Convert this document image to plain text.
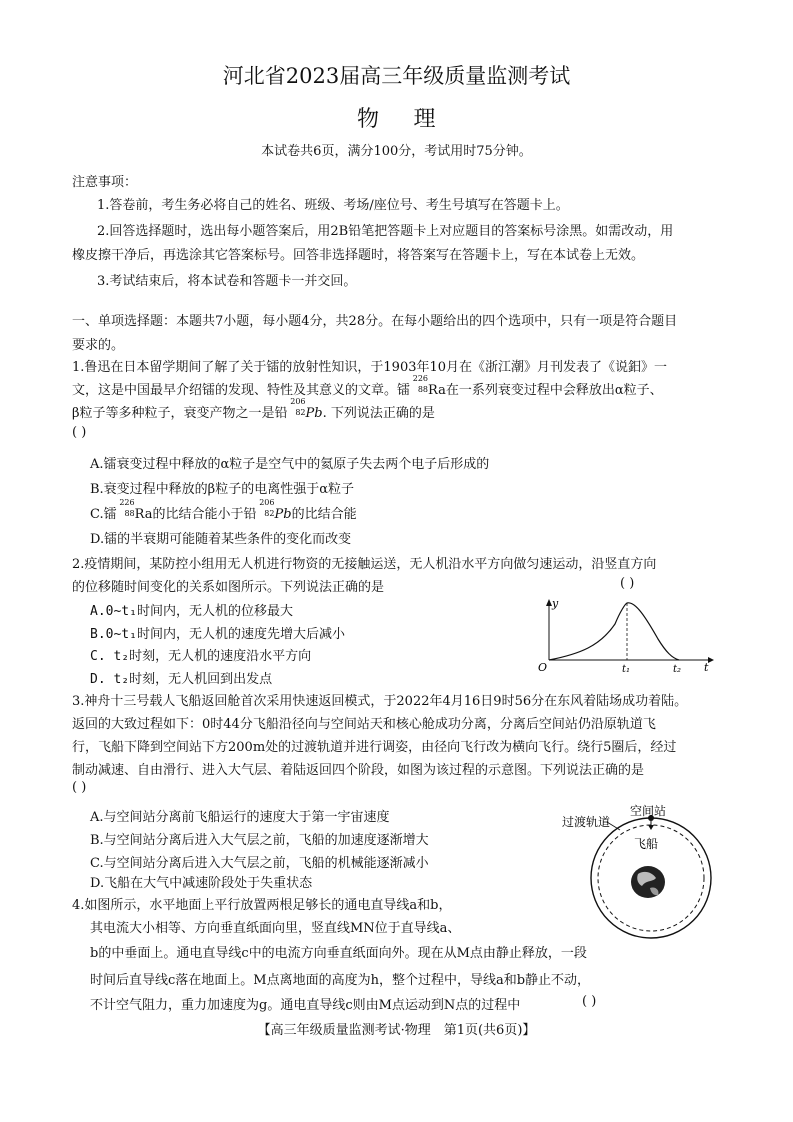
河北省2023届高三年级质量监测考试
物 理
本试卷共6页，满分100分，考试用时75分钟。
注意事项：
1.答卷前，考生务必将自己的姓名、班级、考场/座位号、考生号填写在答题卡上。
2.回答选择题时，选出每小题答案后，用2B铅笔把答题卡上对应题目的答案标号涂黑。如需改动，用
橡皮擦干净后，再选涂其它答案标号。回答非选择题时，将答案写在答题卡上，写在本试卷上无效。
3.考试结束后，将本试卷和答题卡一并交回。
一、单项选择题：本题共7小题，每小题4分，共28分。在每小题给出的四个选项中，只有一项是符合题目
要求的。
1.鲁迅在日本留学期间了解了关于镭的放射性知识，于1903年10月在《浙江潮》月刊发表了《说鈤》一
文，这是中国最早介绍镭的发现、特性及其意义的文章。镭
226
88 Ra在一系列衰变过程中会释放出α粒子、
β粒子等多种粒子，衰变产物之一是铅
206
82 Pb. 下列说法正确的是
( )
A.镭衰变过程中释放的α粒子是空气中的氦原子失去两个电子后形成的
B.衰变过程中释放的β粒子的电离性强于α粒子
C.镭
226
88 Ra的比结合能小于铅
206
82 Pb的比结合能
D.镭的半衰期可能随着某些条件的变化而改变
2.疫情期间，某防控小组用无人机进行物资的无接触运送，无人机沿水平方向做匀速运动，沿竖直方向
的位移随时间变化的关系如图所示。下列说法正确的是	( )
A.0~t₁时间内，无人机的位移最大
B.0~t₁时间内，无人机的速度先增大后减小
C. t₂时刻，无人机的速度沿水平方向
D. t₂时刻，无人机回到出发点
y
t
O	t₁	t₂
3.神舟十三号载人飞船返回舱首次采用快速返回模式，于2022年4月16日9时56分在东风着陆场成功着陆。
返回的大致过程如下：0时44分飞船沿径向与空间站天和核心舱成功分离，分离后空间站仍沿原轨道飞
行，飞船下降到空间站下方200m处的过渡轨道并进行调姿，由径向飞行改为横向飞行。绕行5圈后，经过
制动减速、自由滑行、进入大气层、着陆返回四个阶段，如图为该过程的示意图。下列说法正确的是
( )
A.与空间站分离前飞船运行的速度大于第一宇宙速度
B.与空间站分离后进入大气层之前，飞船的加速度逐渐增大
C.与空间站分离后进入大气层之前，飞船的机械能逐渐减小
D.飞船在大气中减速阶段处于失重状态
过渡轨道
空间站
飞船
4.如图所示，水平地面上平行放置两根足够长的通电直导线a和b，
其电流大小相等、方向垂直纸面向里，竖直线MN位于直导线a、
b的中垂面上。通电直导线c中的电流方向垂直纸面向外。现在从M点由静止释放，一段
时间后直导线c落在地面上。M点离地面的高度为h，整个过程中，导线a和b静止不动，
不计空气阻力，重力加速度为g。通电直导线c则由M点运动到N点的过程中	( )
【高三年级质量监测考试·物理　第1页(共6页)】
